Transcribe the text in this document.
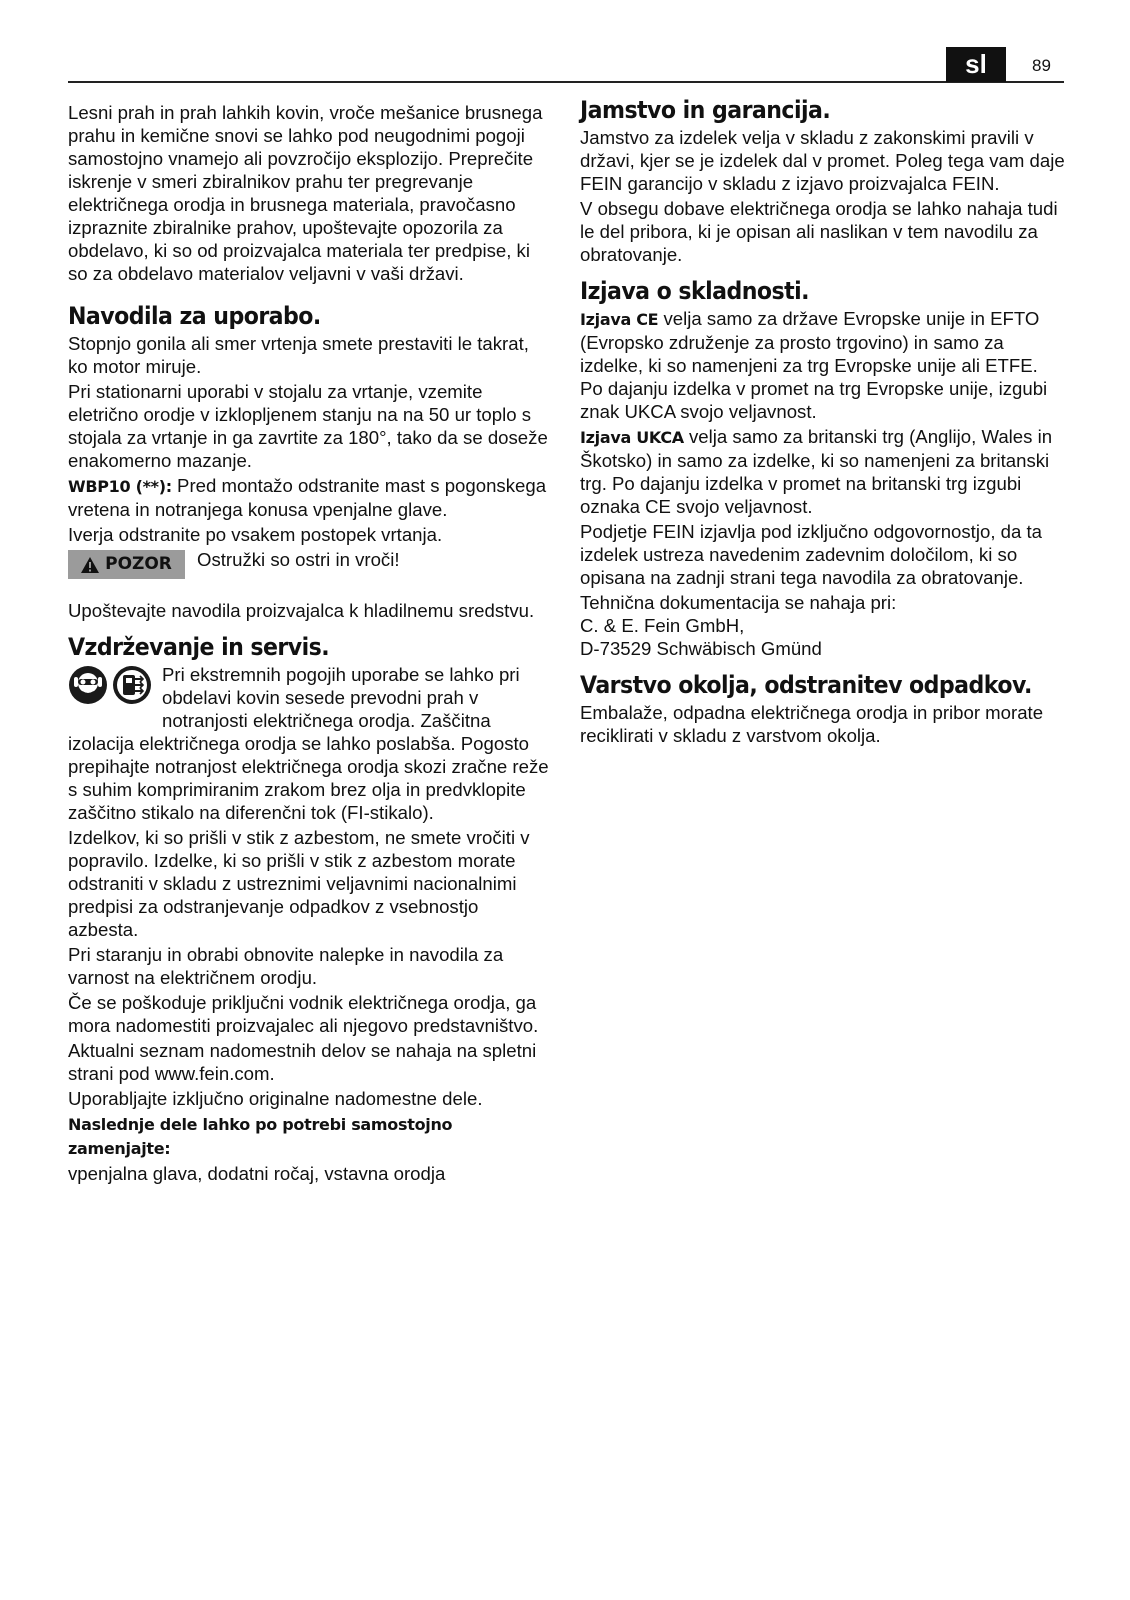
sl	89

Lesni prah in prah lahkih kovin, vroče mešanice brusnega prahu in kemične snovi se lahko pod neugodnimi pogoji samostojno vnamejo ali povzročijo eksplozijo. Preprečite iskrenje v smeri zbiralnikov prahu ter pregrevanje električnega orodja in brusnega materiala, pravočasno izpraznite zbiralnike prahov, upoštevajte opozorila za obdelavo, ki so od proizvajalca materiala ter predpise, ki so za obdelavo materialov veljavni v vaši državi.

Navodila za uporabo.

Stopnjo gonila ali smer vrtenja smete prestaviti le takrat, ko motor miruje.

Pri stationarni uporabi v stojalu za vrtanje, vzemite eletrično orodje v izklopljenem stanju na na 50 ur toplo s stojala za vrtanje in ga zavrtite za 180°, tako da se doseže enakomerno mazanje.

WBP10 (**): Pred montažo odstranite mast s pogonskega vretena in notranjega konusa vpenjalne glave.

Iverja odstranite po vsakem postopek vrtanja.

POZOR Ostružki so ostri in vroči!

Upoštevajte navodila proizvajalca k hladilnemu sredstvu.

Vzdrževanje in servis.

Pri ekstremnih pogojih uporabe se lahko pri obdelavi kovin sesede prevodni prah v notranjosti električnega orodja. Zaščitna izolacija električnega orodja se lahko poslabša. Pogosto prepihajte notranjost električnega orodja skozi zračne reže s suhim komprimiranim zrakom brez olja in predvklopite zaščitno stikalo na diferenčni tok (FI-stikalo).

Izdelkov, ki so prišli v stik z azbestom, ne smete vročiti v popravilo. Izdelke, ki so prišli v stik z azbestom morate odstraniti v skladu z ustreznimi veljavnimi nacionalnimi predpisi za odstranjevanje odpadkov z vsebnostjo azbesta.

Pri staranju in obrabi obnovite nalepke in navodila za varnost na električnem orodju.

Če se poškoduje priključni vodnik električnega orodja, ga mora nadomestiti proizvajalec ali njegovo predstavništvo.

Aktualni seznam nadomestnih delov se nahaja na spletni strani pod www.fein.com.

Uporabljajte izključno originalne nadomestne dele.

Naslednje dele lahko po potrebi samostojno zamenjajte:

vpenjalna glava, dodatni ročaj, vstavna orodja

Jamstvo in garancija.

Jamstvo za izdelek velja v skladu z zakonskimi pravili v državi, kjer se je izdelek dal v promet. Poleg tega vam daje FEIN garancijo v skladu z izjavo proizvajalca FEIN.

V obsegu dobave električnega orodja se lahko nahaja tudi le del pribora, ki je opisan ali naslikan v tem navodilu za obratovanje.

Izjava o skladnosti.

Izjava CE velja samo za države Evropske unije in EFTO (Evropsko združenje za prosto trgovino) in samo za izdelke, ki so namenjeni za trg Evropske unije ali ETFE. Po dajanju izdelka v promet na trg Evropske unije, izgubi znak UKCA svojo veljavnost.

Izjava UKCA velja samo za britanski trg (Anglijo, Wales in Škotsko) in samo za izdelke, ki so namenjeni za britanski trg. Po dajanju izdelka v promet na britanski trg izgubi oznaka CE svojo veljavnost.

Podjetje FEIN izjavlja pod izključno odgovornostjo, da ta izdelek ustreza navedenim zadevnim določilom, ki so opisana na zadnji strani tega navodila za obratovanje.

Tehnična dokumentacija se nahaja pri:

C. & E. Fein GmbH,

D-73529 Schwäbisch Gmünd

Varstvo okolja, odstranitev odpadkov.

Embalaže, odpadna električnega orodja in pribor morate reciklirati v skladu z varstvom okolja.
